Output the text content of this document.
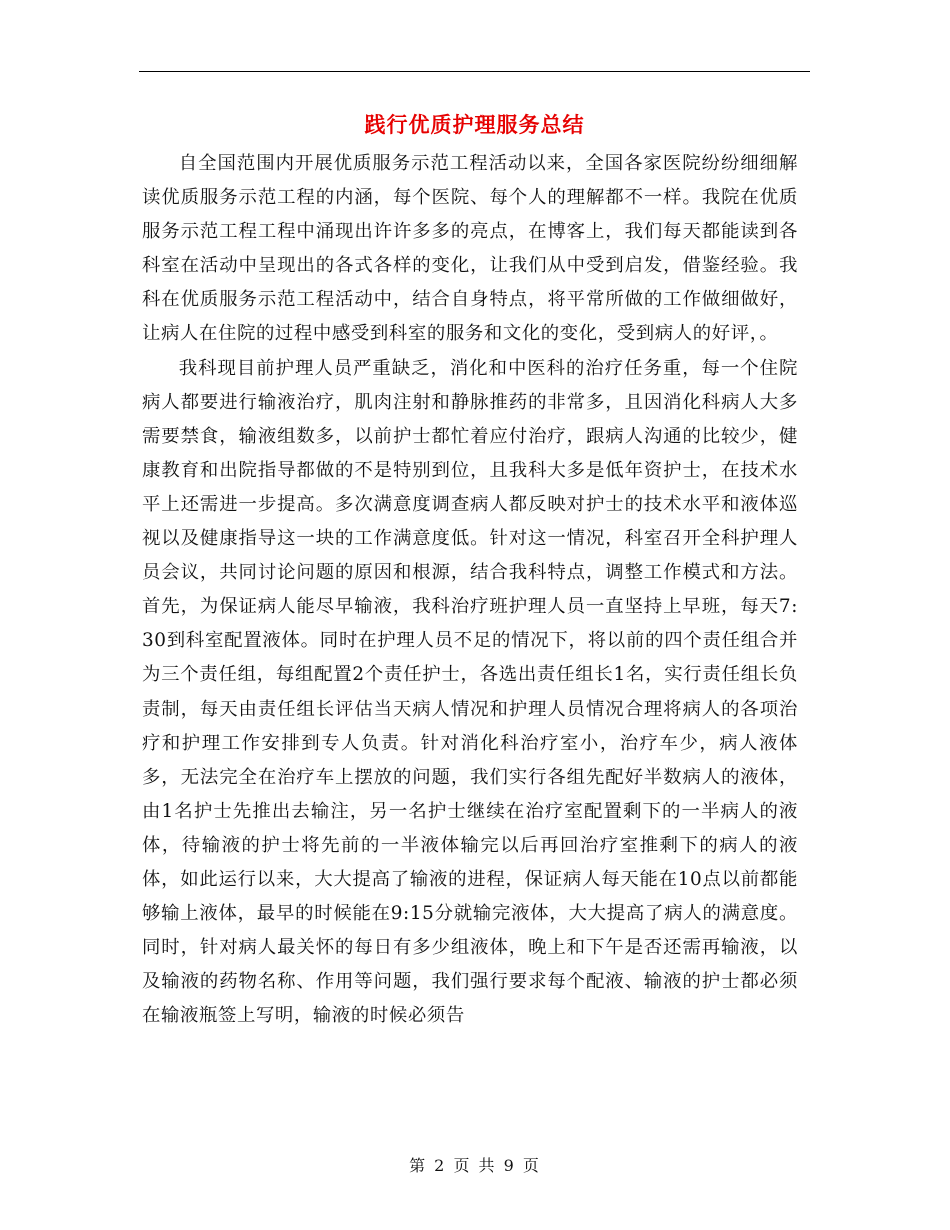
践行优质护理服务总结

自全国范围内开展优质服务示范工程活动以来，全国各家医院纷纷细细解读优质服务示范工程的内涵，每个医院、每个人的理解都不一样。我院在优质服务示范工程工程中涌现出许许多多的亮点，在博客上，我们每天都能读到各科室在活动中呈现出的各式各样的变化，让我们从中受到启发，借鉴经验。我科在优质服务示范工程活动中，结合自身特点，将平常所做的工作做细做好，让病人在住院的过程中感受到科室的服务和文化的变化，受到病人的好评，。

我科现目前护理人员严重缺乏，消化和中医科的治疗任务重，每一个住院病人都要进行输液治疗，肌肉注射和静脉推药的非常多，且因消化科病人大多需要禁食，输液组数多，以前护士都忙着应付治疗，跟病人沟通的比较少，健康教育和出院指导都做的不是特别到位，且我科大多是低年资护士，在技术水平上还需进一步提高。多次满意度调查病人都反映对护士的技术水平和液体巡视以及健康指导这一块的工作满意度低。针对这一情况，科室召开全科护理人员会议，共同讨论问题的原因和根源，结合我科特点，调整工作模式和方法。首先，为保证病人能尽早输液，我科治疗班护理人员一直坚持上早班，每天7:30到科室配置液体。同时在护理人员不足的情况下，将以前的四个责任组合并为三个责任组，每组配置2个责任护士，各选出责任组长1名，实行责任组长负责制，每天由责任组长评估当天病人情况和护理人员情况合理将病人的各项治疗和护理工作安排到专人负责。针对消化科治疗室小，治疗车少，病人液体多，无法完全在治疗车上摆放的问题，我们实行各组先配好半数病人的液体，由1名护士先推出去输注，另一名护士继续在治疗室配置剩下的一半病人的液体，待输液的护士将先前的一半液体输完以后再回治疗室推剩下的病人的液体，如此运行以来，大大提高了输液的进程，保证病人每天能在10点以前都能够输上液体，最早的时候能在9:15分就输完液体，大大提高了病人的满意度。同时，针对病人最关怀的每日有多少组液体，晚上和下午是否还需再输液，以及输液的药物名称、作用等问题，我们强行要求每个配液、输液的护士都必须在输液瓶签上写明，输液的时候必须告

第 2 页 共 9 页
